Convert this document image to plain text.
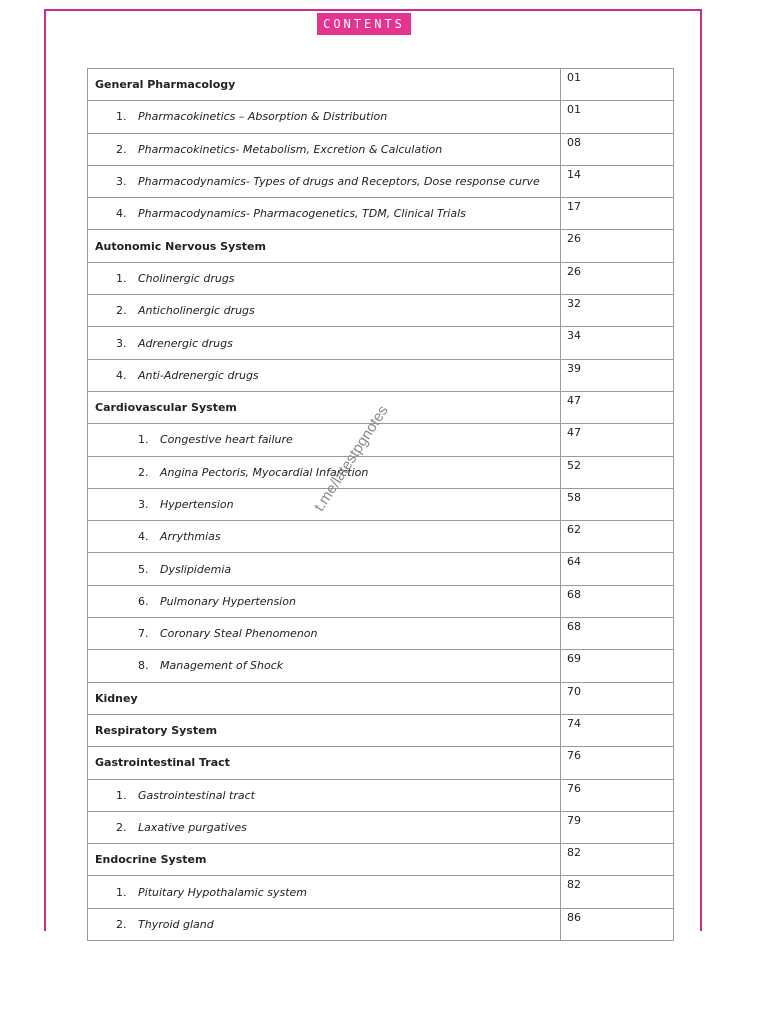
CONTENTS
General Pharmacology	01

1. Pharmacokinetics – Absorption & Distribution	01

2. Pharmacokinetics- Metabolism, Excretion & Calculation	08

3. Pharmacodynamics- Types of drugs and Receptors, Dose response curve	14

4. Pharmacodynamics- Pharmacogenetics, TDM, Clinical Trials	17
Autonomic Nervous System	26

1. Cholinergic drugs	26

2. Anticholinergic drugs	32

3. Adrenergic drugs	34

4. Anti-Adrenergic drugs	39
Cardiovascular System	47

1. Congestive heart failure	47

2. Angina Pectoris, Myocardial Infarction	52

3. Hypertension	58

4. Arrythmias	62

5. Dyslipidemia	64

6. Pulmonary Hypertension	68

7. Coronary Steal Phenomenon	68

8. Management of Shock	69
Kidney	70
Respiratory System	74
Gastrointestinal Tract	76

1. Gastrointestinal tract	76

2. Laxative purgatives	79
Endocrine System	82

1. Pituitary Hypothalamic system	82

2. Thyroid gland	86
t.me/latestpgnotes
